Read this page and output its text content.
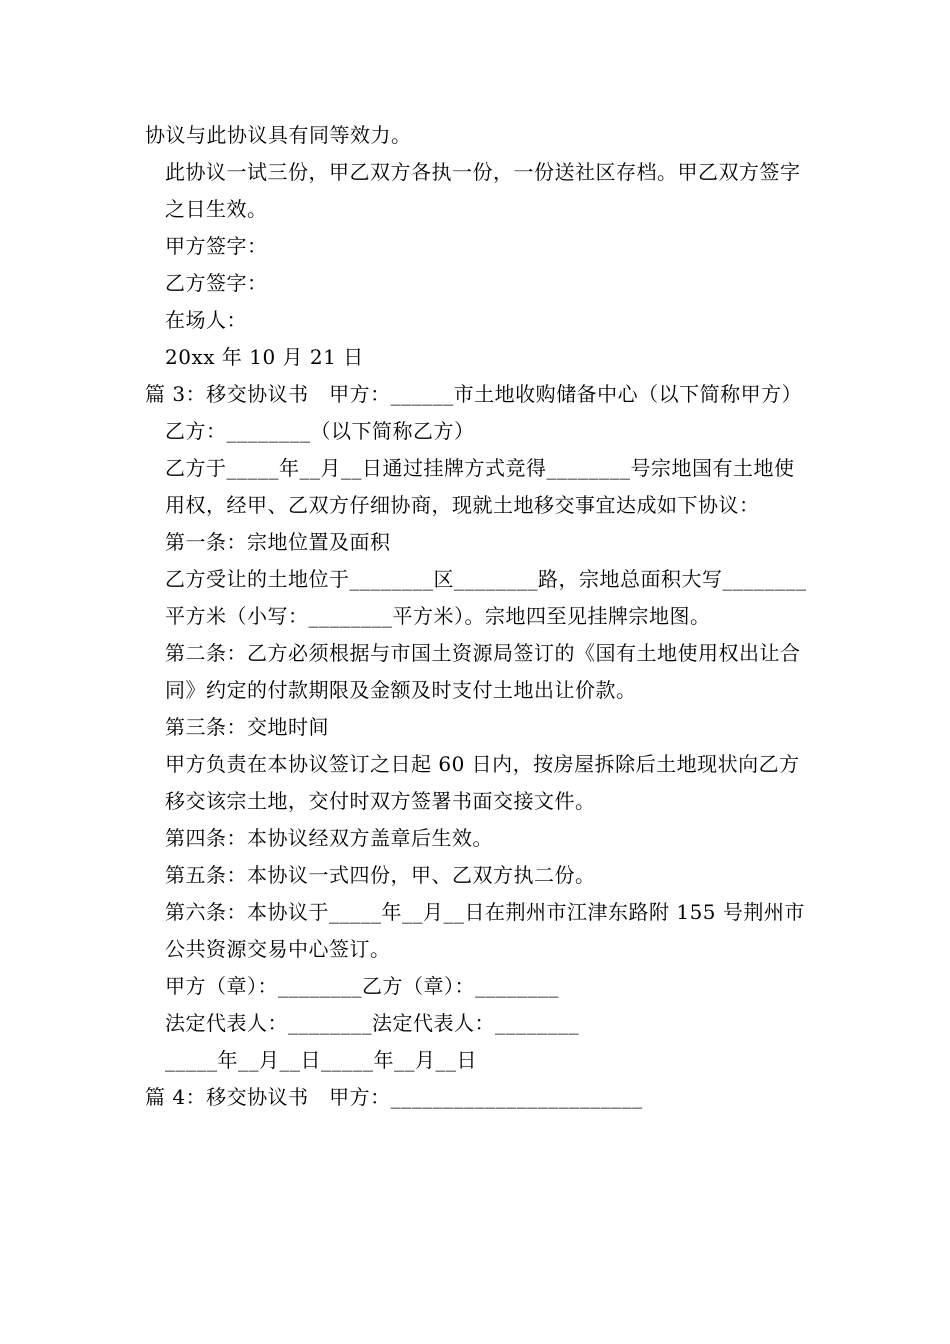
协议与此协议具有同等效力。

此协议一试三份，甲乙双方各执一份，一份送社区存档。甲乙双方签字之日生效。

甲方签字：

乙方签字：

在场人：

20xx 年 10 月 21 日

篇 3：移交协议书　甲方：______市土地收购储备中心（以下简称甲方）

乙方：________（以下简称乙方）

乙方于_____年__月__日通过挂牌方式竞得________号宗地国有土地使用权，经甲、乙双方仔细协商，现就土地移交事宜达成如下协议：

第一条：宗地位置及面积

乙方受让的土地位于________区________路，宗地总面积大写________平方米（小写：________平方米）。宗地四至见挂牌宗地图。

第二条：乙方必须根据与市国土资源局签订的《国有土地使用权出让合同》约定的付款期限及金额及时支付土地出让价款。

第三条：交地时间

甲方负责在本协议签订之日起 60 日内，按房屋拆除后土地现状向乙方移交该宗土地，交付时双方签署书面交接文件。

第四条：本协议经双方盖章后生效。

第五条：本协议一式四份，甲、乙双方执二份。

第六条：本协议于_____年__月__日在荆州市江津东路附 155 号荆州市公共资源交易中心签订。

甲方（章）：________乙方（章）：________

法定代表人：________法定代表人：________

_____年__月__日_____年__月__日

篇 4：移交协议书　甲方：________________________
